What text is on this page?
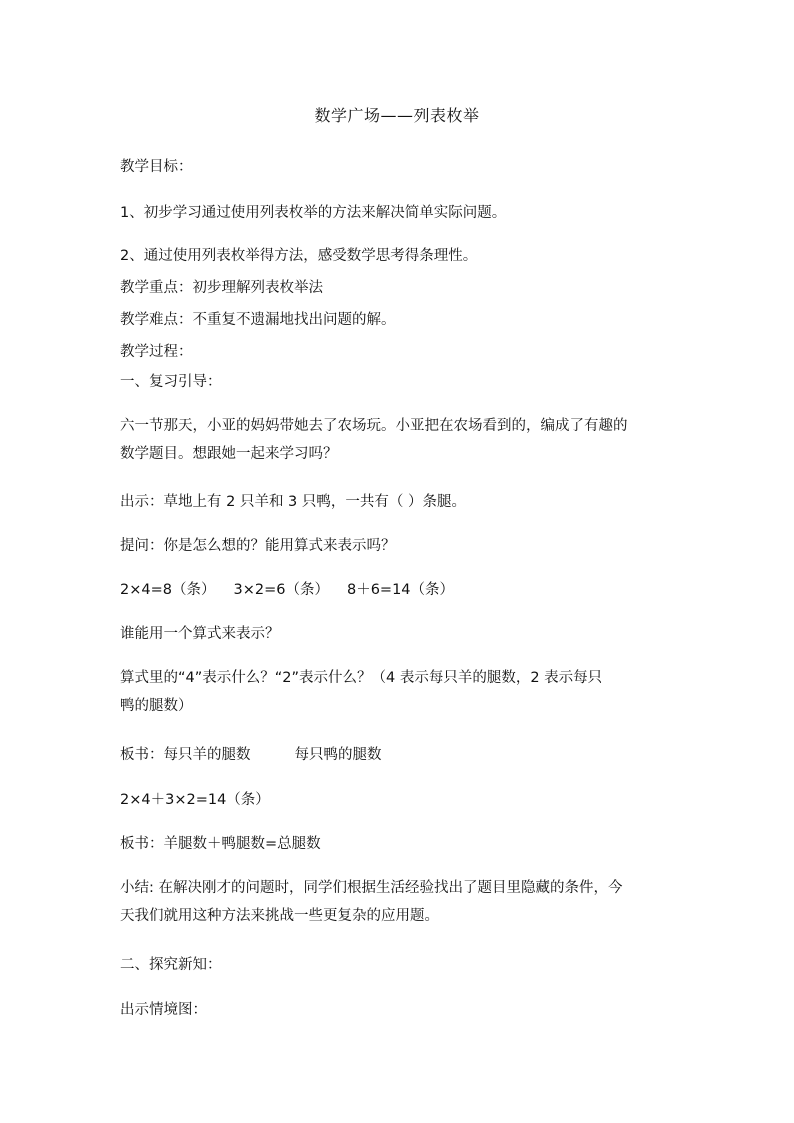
数学广场——列表枚举
教学目标：
1、初步学习通过使用列表枚举的方法来解决简单实际问题。
2、通过使用列表枚举得方法，感受数学思考得条理性。
教学重点：初步理解列表枚举法
教学难点：不重复不遗漏地找出问题的解。
教学过程：
一、复习引导：
六一节那天，小亚的妈妈带她去了农场玩。小亚把在农场看到的，编成了有趣的
数学题目。想跟她一起来学习吗？
出示：草地上有 2 只羊和 3 只鸭，一共有（ ）条腿。
提问：你是怎么想的？能用算式来表示吗？
2×4=8（条） 3×2=6（条） 8＋6=14（条）
谁能用一个算式来表示？
算式里的“4”表示什么？“2”表示什么？（4 表示每只羊的腿数，2 表示每只
鸭的腿数）
板书：每只羊的腿数	每只鸭的腿数
2×4＋3×2=14（条）
板书：羊腿数＋鸭腿数=总腿数
小结: 在解决刚才的问题时，同学们根据生活经验找出了题目里隐藏的条件，今
天我们就用这种方法来挑战一些更复杂的应用题。
二、探究新知：
出示情境图：
